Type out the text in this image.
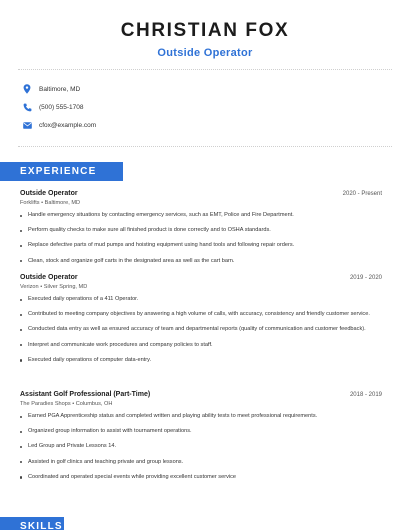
CHRISTIAN FOX
Outside Operator
Baltimore, MD
(500) 555-1708
cfox@example.com
EXPERIENCE
Outside Operator	2020 - Present
Forklifts • Baltimore, MD
Handle emergency situations by contacting emergency services, such as EMT, Police and Fire Department.
Perform quality checks to make sure all finished product is done correctly and to OSHA standards.
Replace defective parts of mud pumps and hoisting equipment using hand tools and following repair orders.
Clean, stock and organize golf carts in the designated area as well as the cart barn.
Outside Operator	2019 - 2020
Verizon • Silver Spring, MD
Executed daily operations of a 411 Operator.
Contributed to meeting company objectives by answering a high volume of calls, with accuracy, consistency and friendly customer service.
Conducted data entry as well as ensured accuracy of team and departmental reports (quality of communication and customer feedback).
Interpret and communicate work procedures and company policies to staff.
Executed daily operations of computer data-entry.
Assistant Golf Professional (Part-Time)	2018 - 2019
The Paradies Shops • Columbus, OH
Earned PGA Apprenticeship status and completed written and playing ability tests to meet professional requirements.
Organized group information to assist with tournament operations.
Led Group and Private Lessons 14.
Assisted in golf clinics and teaching private and group lessons.
Coordinated and operated special events while providing excellent customer service
SKILLS
